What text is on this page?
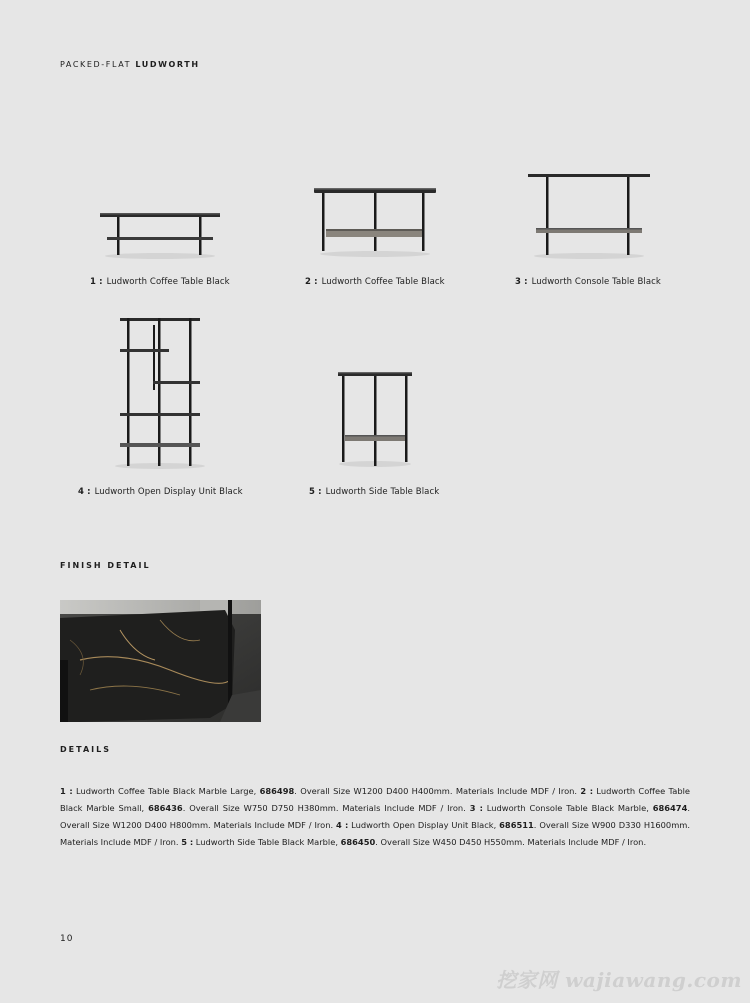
PACKED-FLAT LUDWORTH
1 : Ludworth Coffee Table Black	2 : Ludworth Coffee Table Black	3 : Ludworth Console Table Black
4 : Ludworth Open Display Unit Black	5 : Ludworth Side Table Black
FINISH DETAIL
DETAILS
1 : Ludworth Coffee Table Black Marble Large, 686498. Overall Size W1200 D400 H400mm. Materials Include MDF / Iron. 2 : Ludworth Coffee Table Black Marble Small, 686436. Overall Size W750 D750 H380mm. Materials Include MDF / Iron. 3 : Ludworth Console Table Black Marble, 686474. Overall Size W1200 D400 H800mm. Materials Include MDF / Iron. 4 : Ludworth Open Display Unit Black, 686511. Overall Size W900 D330 H1600mm. Materials Include MDF / Iron. 5 : Ludworth Side Table Black Marble, 686450. Overall Size W450 D450 H550mm. Materials Include MDF / Iron.
10
挖家网 wajiawang.com
